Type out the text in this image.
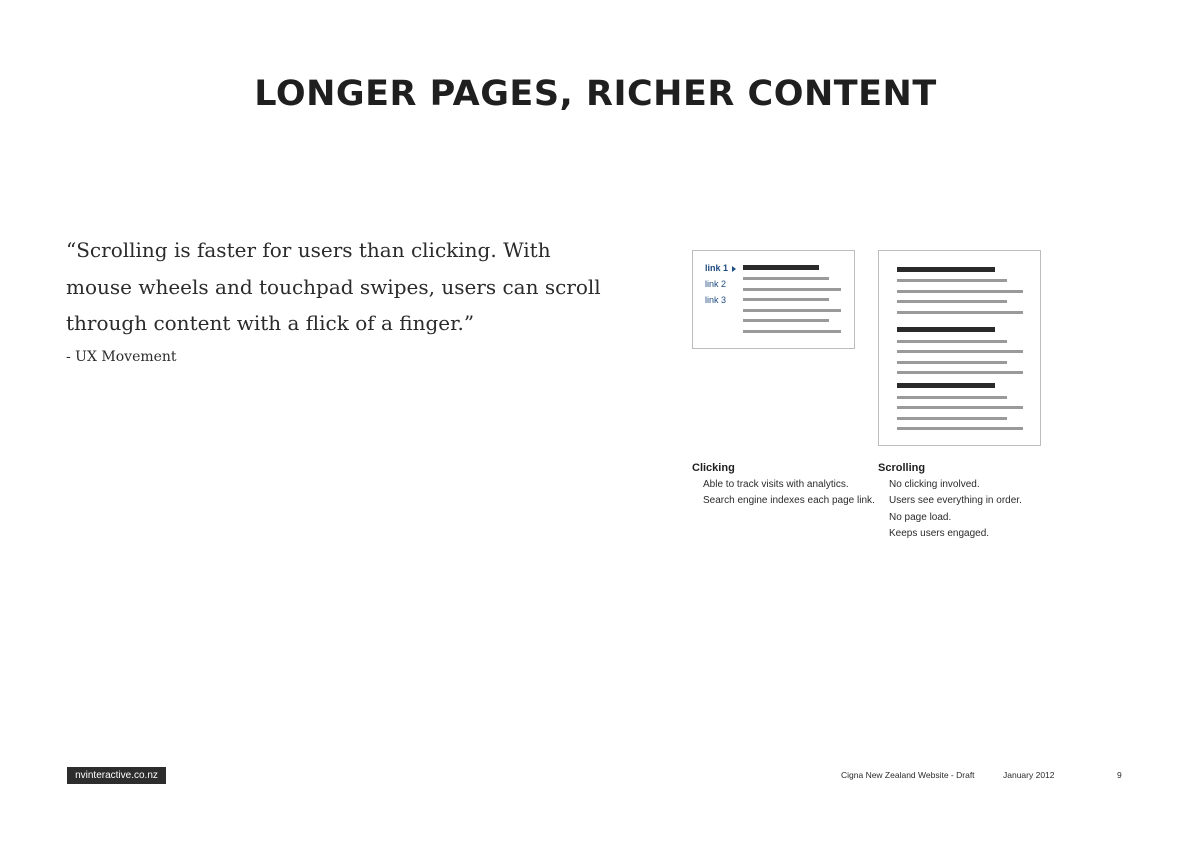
LONGER PAGES, RICHER CONTENT

“Scrolling is faster for users than clicking. With mouse wheels and touchpad swipes, users can scroll through content with a flick of a finger.”

- UX Movement

link 1
link 2
link 3
Clicking
Able to track visits with analytics.
Search engine indexes each page link.
Scrolling
No clicking involved.
Users see everything in order.
No page load.
Keeps users engaged.
nvinteractive.co.nz	Cigna New Zealand Website - Draft	January 2012	9
